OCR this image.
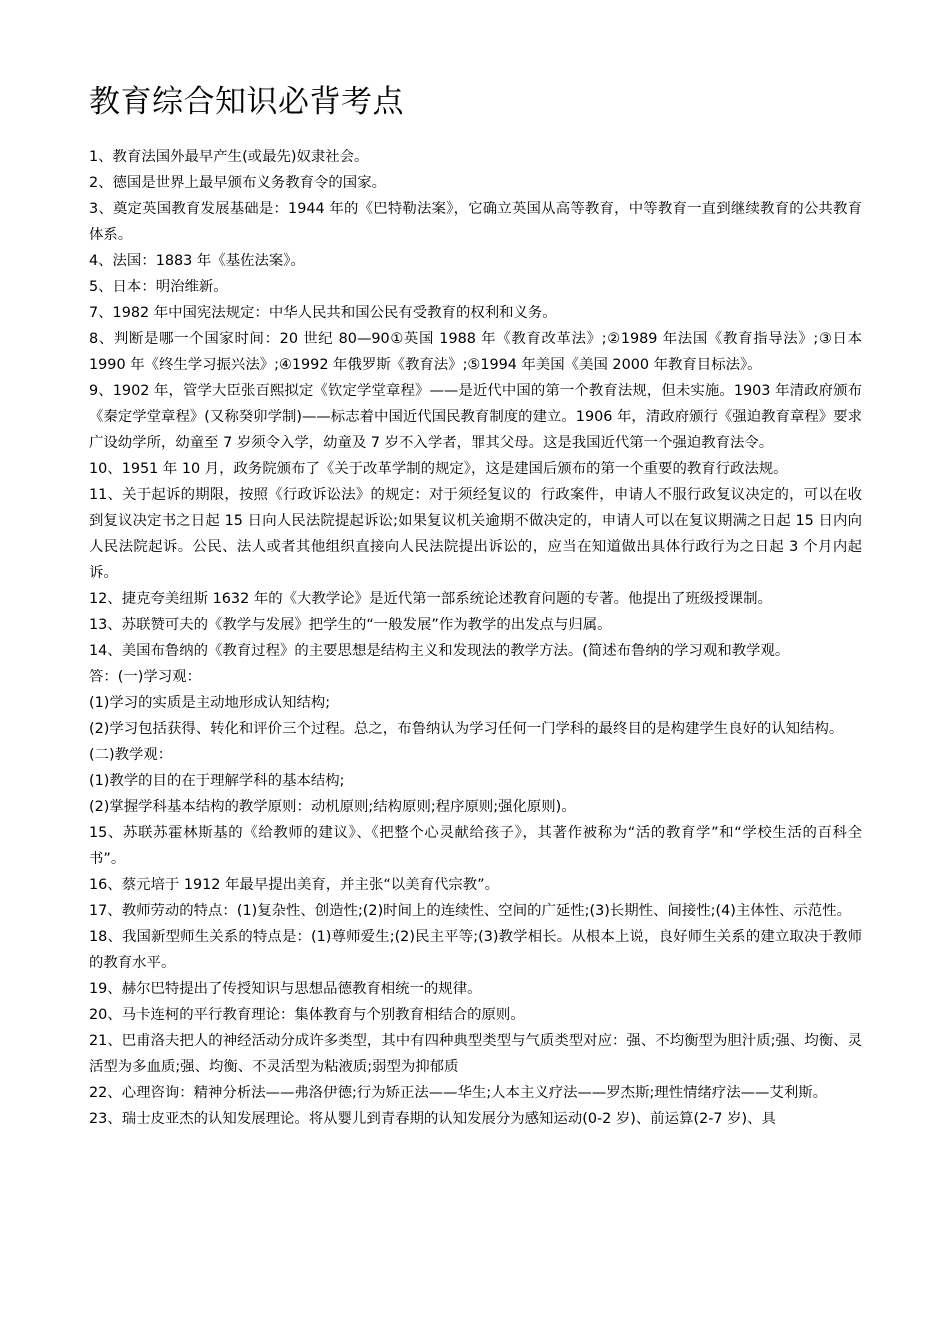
教育综合知识必背考点

1、教育法国外最早产生(或最先)奴隶社会。

2、德国是世界上最早颁布义务教育令的国家。

3、奠定英国教育发展基础是：1944 年的《巴特勒法案》，它确立英国从高等教育，中等教育一直到继续教育的公共教育体系。

4、法国：1883 年《基佐法案》。

5、日本：明治维新。

7、1982 年中国宪法规定：中华人民共和国公民有受教育的权利和义务。

8、判断是哪一个国家时间：20 世纪 80—90①英国 1988 年《教育改革法》;②1989 年法国《教育指导法》;③日本 1990 年《终生学习振兴法》;④1992 年俄罗斯《教育法》;⑤1994 年美国《美国 2000 年教育目标法》。

9、1902 年，管学大臣张百熙拟定《钦定学堂章程》——是近代中国的第一个教育法规，但未实施。1903 年清政府颁布《秦定学堂章程》(又称癸卯学制)——标志着中国近代国民教育制度的建立。1906 年，清政府颁行《强迫教育章程》要求广设幼学所，幼童至 7 岁须令入学，幼童及 7 岁不入学者，罪其父母。这是我国近代第一个强迫教育法令。

10、1951 年 10 月，政务院颁布了《关于改革学制的规定》，这是建国后颁布的第一个重要的教育行政法规。

11、关于起诉的期限，按照《行政诉讼法》的规定：对于须经复议的  行政案件，申请人不服行政复议决定的，可以在收到复议决定书之日起 15 日向人民法院提起诉讼;如果复议机关逾期不做决定的，申请人可以在复议期满之日起 15 日内向人民法院起诉。公民、法人或者其他组织直接向人民法院提出诉讼的，应当在知道做出具体行政行为之日起 3 个月内起诉。

12、捷克夸美纽斯 1632 年的《大教学论》是近代第一部系统论述教育问题的专著。他提出了班级授课制。

13、苏联赞可夫的《教学与发展》把学生的“一般发展”作为教学的出发点与归属。

14、美国布鲁纳的《教育过程》的主要思想是结构主义和发现法的教学方法。(简述布鲁纳的学习观和教学观。

答：(一)学习观：

(1)学习的实质是主动地形成认知结构;

(2)学习包括获得、转化和评价三个过程。总之，布鲁纳认为学习任何一门学科的最终目的是构建学生良好的认知结构。

(二)教学观：

(1)教学的目的在于理解学科的基本结构;

(2)掌握学科基本结构的教学原则：动机原则;结构原则;程序原则;强化原则)。

15、苏联苏霍林斯基的《给教师的建议》、《把整个心灵献给孩子》，其著作被称为“活的教育学”和“学校生活的百科全书”。

16、蔡元培于 1912 年最早提出美育，并主张“以美育代宗教”。

17、教师劳动的特点：(1)复杂性、创造性;(2)时间上的连续性、空间的广延性;(3)长期性、间接性;(4)主体性、示范性。

18、我国新型师生关系的特点是：(1)尊师爱生;(2)民主平等;(3)教学相长。从根本上说，良好师生关系的建立取决于教师的教育水平。

19、赫尔巴特提出了传授知识与思想品德教育相统一的规律。

20、马卡连柯的平行教育理论：集体教育与个别教育相结合的原则。

21、巴甫洛夫把人的神经活动分成许多类型，其中有四种典型类型与气质类型对应：强、不均衡型为胆汁质;强、均衡、灵活型为多血质;强、均衡、不灵活型为粘液质;弱型为抑郁质

22、心理咨询：精神分析法——弗洛伊德;行为矫正法——华生;人本主义疗法——罗杰斯;理性情绪疗法——艾利斯。

23、瑞士皮亚杰的认知发展理论。将从婴儿到青春期的认知发展分为感知运动(0-2 岁)、前运算(2-7 岁)、具
